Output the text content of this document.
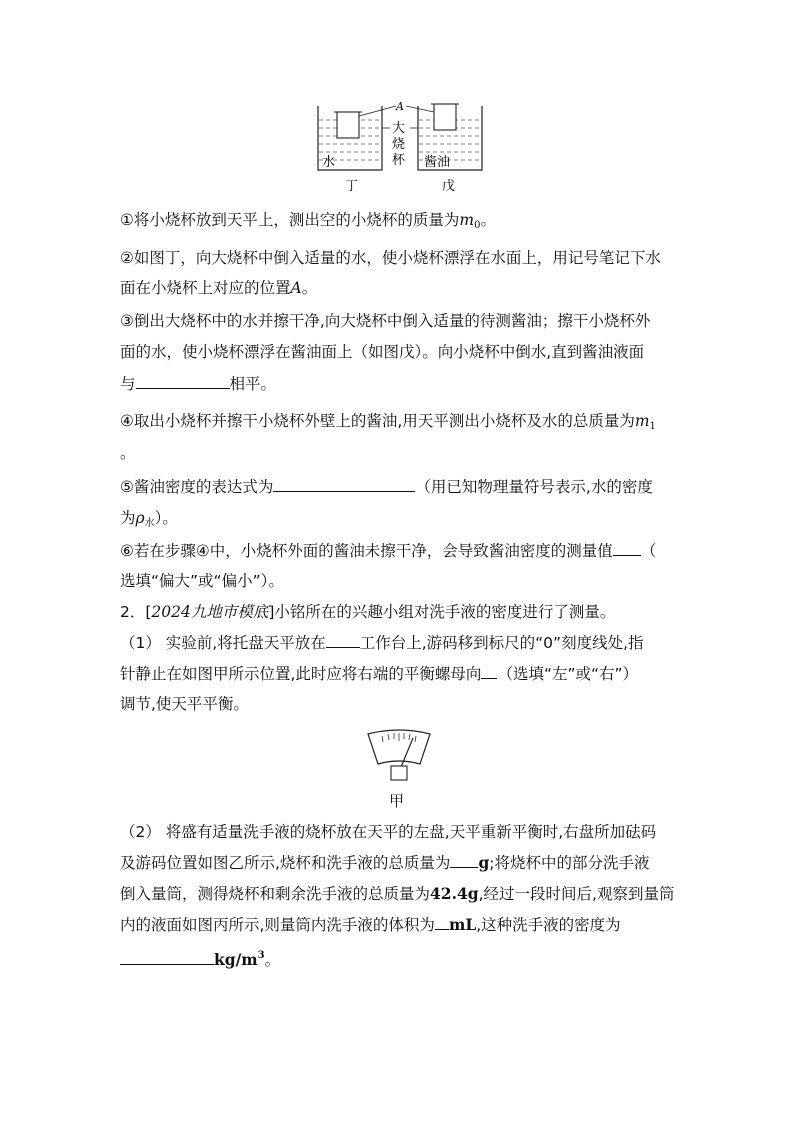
A
大
烧
杯
水	酱油
丁	戊
①将小烧杯放到天平上，测出空的小烧杯的质量为$m_0$。
②如图丁，向大烧杯中倒入适量的水，使小烧杯漂浮在水面上，用记号笔记下水
面在小烧杯上对应的位置A。
③倒出大烧杯中的水并擦干净,向大烧杯中倒入适量的待测酱油；擦干小烧杯外
面的水，使小烧杯漂浮在酱油面上（如图戊）。向小烧杯中倒水,直到酱油液面
与	相平。
④取出小烧杯并擦干小烧杯外壁上的酱油,用天平测出小烧杯及水的总质量为$m_1$
。
⑤酱油密度的表达式为	（用已知物理量符号表示,水的密度
为$\rho_水$）。
⑥若在步骤④中，小烧杯外面的酱油未擦干净，会导致酱油密度的测量值 （
选填“偏大”或“偏小”）。
2．[2024九地市模底]小铭所在的兴趣小组对洗手液的密度进行了测量。
（1） 实验前,将托盘天平放在 工作台上,游码移到标尺的“0”刻度线处,指
针静止在如图甲所示位置,此时应将右端的平衡螺母向 （选填“左”或“右”）
调节,使天平平衡。
甲
（2） 将盛有适量洗手液的烧杯放在天平的左盘,天平重新平衡时,右盘所加砝码
及游码位置如图乙所示,烧杯和洗手液的总质量为 g;将烧杯中的部分洗手液
倒入量筒，测得烧杯和剩余洗手液的总质量为42.4g,经过一段时间后,观察到量筒
内的液面如图丙所示,则量筒内洗手液的体积为 mL,这种洗手液的密度为
$kg/m^3$。
